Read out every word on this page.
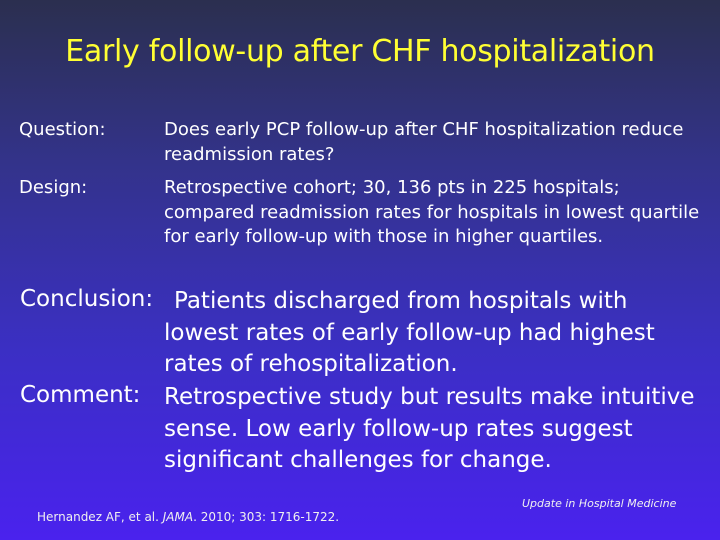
Early follow-up after CHF hospitalization
Question:	Does early PCP follow-up after CHF hospitalization reduce readmission rates?
Design:	Retrospective cohort; 30, 136 pts in 225 hospitals; compared readmission rates for hospitals in lowest quartile for early follow-up with those in higher quartiles.
Conclusion: Patients discharged from hospitals with lowest rates of early follow-up had highest rates of rehospitalization.
Comment: Retrospective study but results make intuitive sense. Low early follow-up rates suggest significant challenges for change.
Hernandez AF, et al. JAMA. 2010; 303: 1716-1722.
Update in Hospital Medicine
